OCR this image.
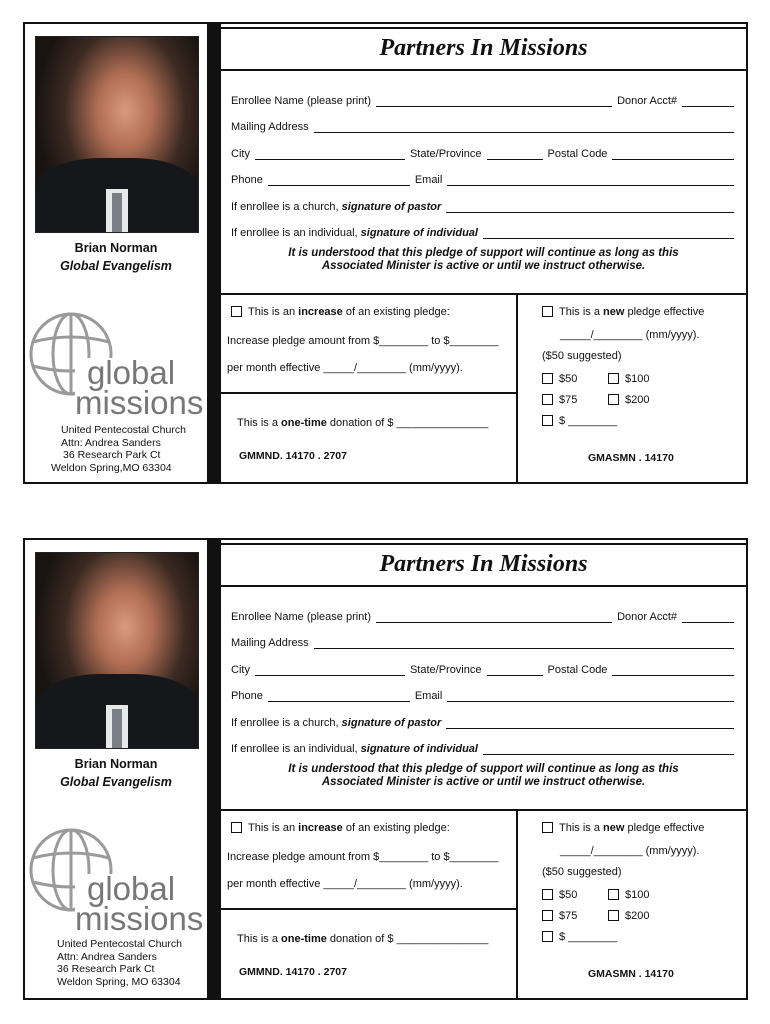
Brian Norman
Global Evangelism
global
missions
United Pentecostal Church
Attn: Andrea Sanders
36 Research Park Ct
Weldon Spring,MO 63304
Partners In Missions
Enrollee Name (please print)	Donor Acct#
Mailing Address
City	State/Province	Postal Code
Phone	Email
If enrollee is a church, signature of pastor
If enrollee is an individual, signature of individual
It is understood that this pledge of support will continue as long as this
Associated Minister is active or until we instruct otherwise.
This is an increase of an existing pledge:
Increase pledge amount from $________ to $________
per month effective _____/________ (mm/yyyy).
This is a one-time donation of $ _______________
GMMND. 14170 . 2707
This is a new pledge effective
_____/________ (mm/yyyy).
($50 suggested)
$50	$100
$75	$200
$ ________
GMASMN . 14170
Brian Norman
Global Evangelism
global
missions
United Pentecostal Church
Attn: Andrea Sanders
36 Research Park Ct
Weldon Spring, MO 63304
Partners In Missions
Enrollee Name (please print)	Donor Acct#
Mailing Address
City	State/Province	Postal Code
Phone	Email
If enrollee is a church, signature of pastor
If enrollee is an individual, signature of individual
It is understood that this pledge of support will continue as long as this
Associated Minister is active or until we instruct otherwise.
This is an increase of an existing pledge:
Increase pledge amount from $________ to $________
per month effective _____/________ (mm/yyyy).
This is a one-time donation of $ _______________
GMMND. 14170 . 2707
This is a new pledge effective
_____/________ (mm/yyyy).
($50 suggested)
$50	$100
$75	$200
$ ________
GMASMN . 14170
